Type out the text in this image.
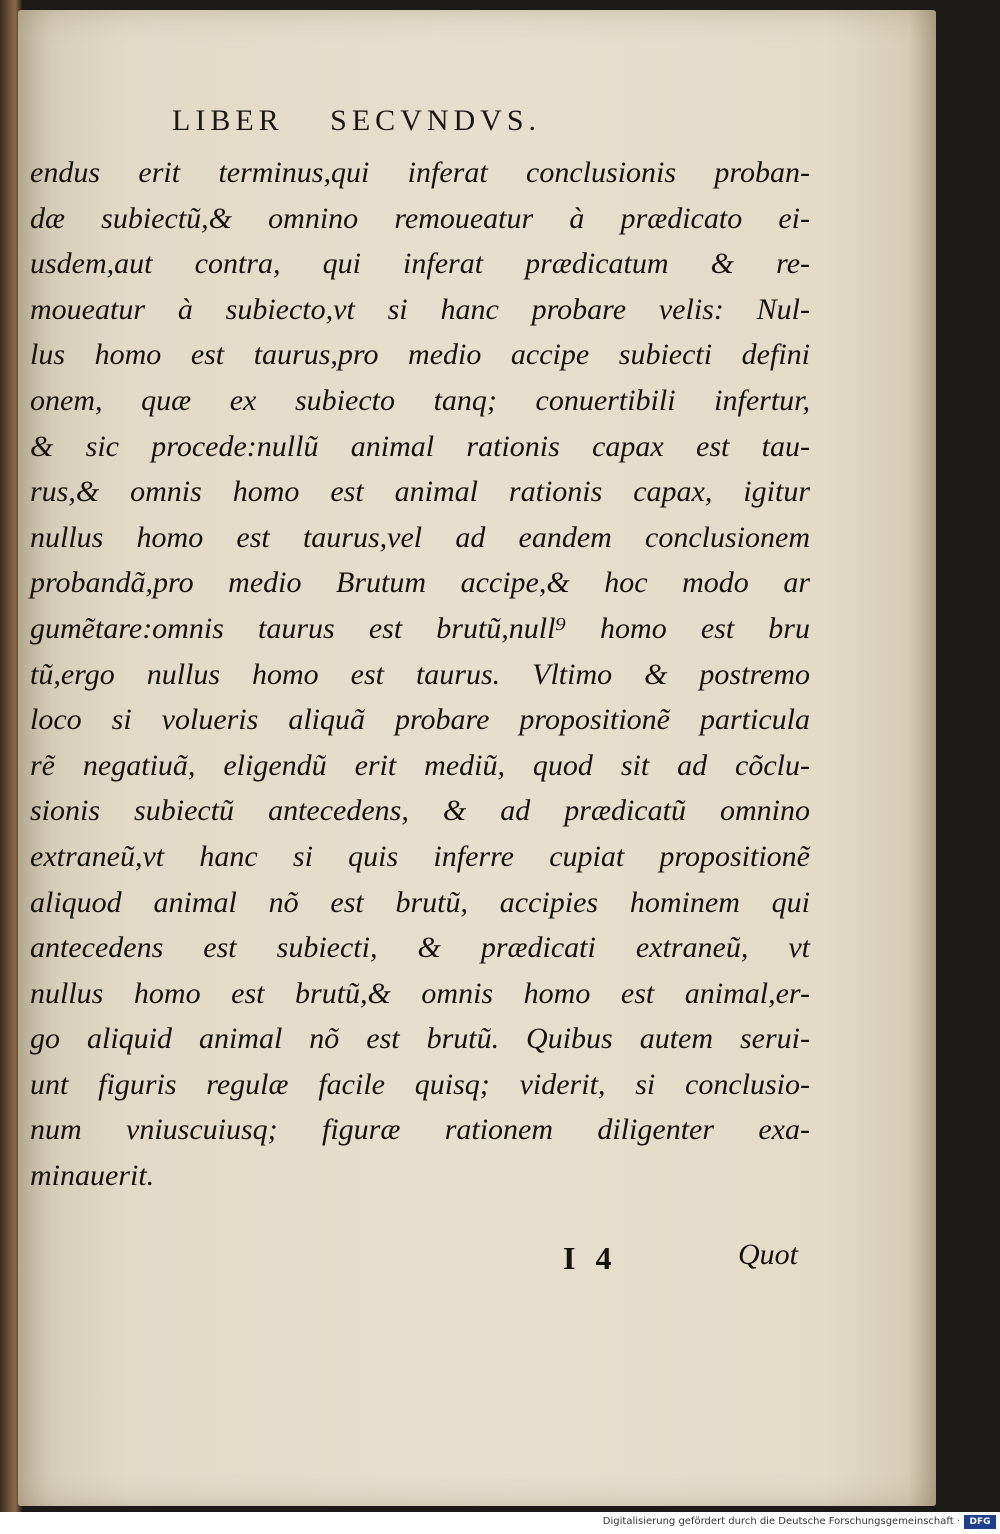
LIBER SECVNDVS.
endus erit terminus,qui inferat conclusionis proban-
dæ subiectũ,& omnino remoueatur à prædicato ei-
usdem,aut contra, qui inferat prædicatum & re-
moueatur à subiecto,vt si hanc probare velis: Nul-
lus homo est taurus,pro medio accipe subiecti defini
onem, quæ ex subiecto tanq; conuertibili infertur,
& sic procede:nullũ animal rationis capax est tau-
rus,& omnis homo est animal rationis capax, igitur
nullus homo est taurus,vel ad eandem conclusionem
probandã,pro medio Brutum accipe,& hoc modo ar
gumẽtare:omnis taurus est brutũ,null⁹ homo est bru
tũ,ergo nullus homo est taurus. Vltimo & postremo
loco si volueris aliquã probare propositionẽ particula
rẽ negatiuã, eligendũ erit mediũ, quod sit ad cõclu-
sionis subiectũ antecedens, & ad prædicatũ omnino
extraneũ,vt hanc si quis inferre cupiat propositionẽ
aliquod animal nõ est brutũ, accipies hominem qui
antecedens est subiecti, & prædicati extraneũ, vt
nullus homo est brutũ,& omnis homo est animal,er-
go aliquid animal nõ est brutũ. Quibus autem serui-
unt figuris regulæ facile quisq; viderit, si conclusio-
num vniuscuiusq; figuræ rationem diligenter exa-
minauerit.
I 4	Quot
Digitalisierung gefördert durch die Deutsche Forschungsgemeinschaft ·	DFG
